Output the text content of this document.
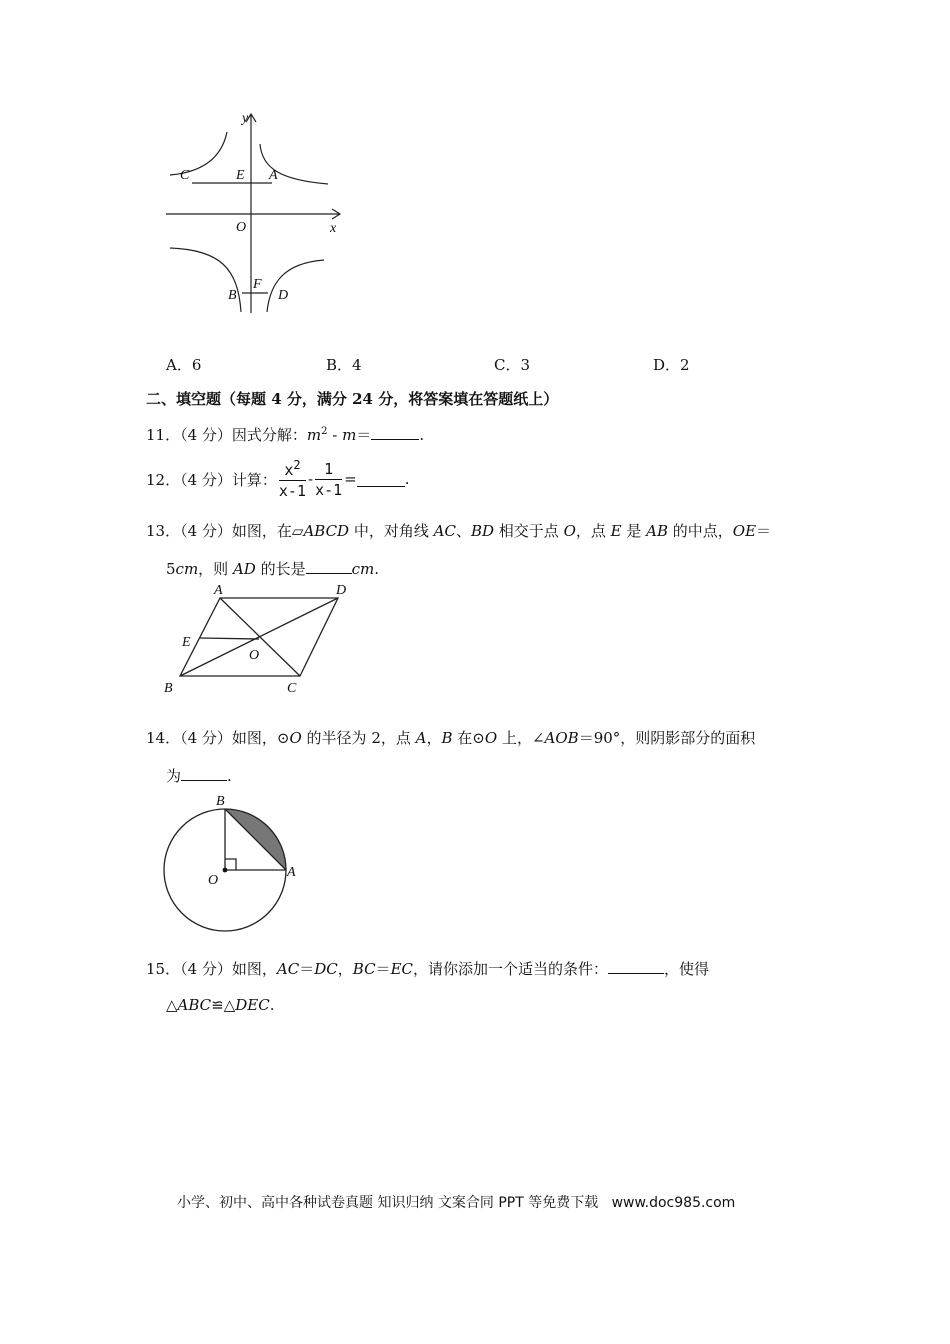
y
x
C	E A
O
B
F
D
A．6	B．4	C．3	D．2
二、填空题（每题 4 分，满分 24 分，将答案填在答题纸上）
11．（4 分）因式分解：$m^2 - m=$	.
12．（4 分）计算： $\frac{x^2}{x-1} - \frac{1}{x-1}$ =	.
13．（4 分）如图，在▱ABCD 中，对角线 AC、BD 相交于点 O，点 E 是 AB 的中点，OE＝
5cm，则 AD 的长是	cm.
A	D
E
O
B	C
14．（4 分）如图，⊙O 的半径为 2，点 A，B 在⊙O 上，∠AOB＝90°，则阴影部分的面积
为	.
B
O
A
15．（4 分）如图，AC＝DC，BC＝EC，请你添加一个适当的条件：	，使得
△ABC≌△DEC.
小学、初中、高中各种试卷真题 知识归纳 文案合同 PPT 等免费下载   www.doc985.com
